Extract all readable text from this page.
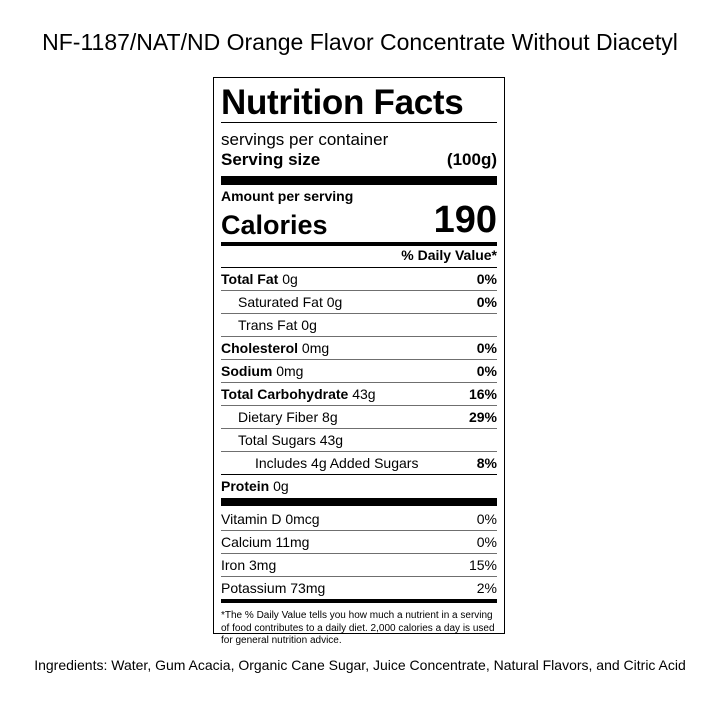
NF-1187/NAT/ND Orange Flavor Concentrate Without Diacetyl
Nutrition Facts
servings per container
Serving size	(100g)
Amount per serving
Calories	190
% Daily Value*
Total Fat 0g	0%
Saturated Fat 0g	0%
Trans Fat 0g
Cholesterol 0mg	0%
Sodium 0mg	0%
Total Carbohydrate 43g	16%
Dietary Fiber 8g	29%
Total Sugars 43g
Includes 4g Added Sugars	8%
Protein 0g
Vitamin D 0mcg	0%
Calcium 11mg	0%
Iron 3mg	15%
Potassium 73mg	2%
*The % Daily Value tells you how much a nutrient in a serving of food contributes to a daily diet. 2,000 calories a day is used for general nutrition advice.
Ingredients: Water, Gum Acacia, Organic Cane Sugar, Juice Concentrate, Natural Flavors, and Citric Acid
